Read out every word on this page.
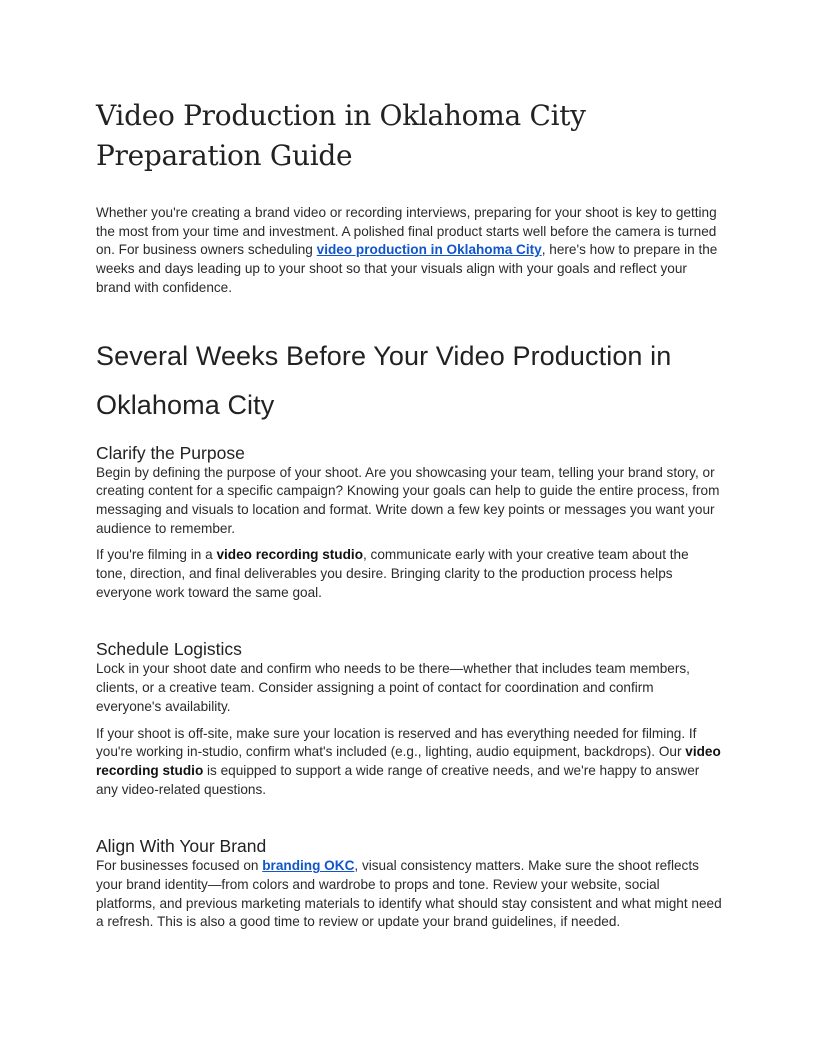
Video Production in Oklahoma City
Preparation Guide

Whether you're creating a brand video or recording interviews, preparing for your shoot is key to getting the most from your time and investment. A polished final product starts well before the camera is turned on. For business owners scheduling video production in Oklahoma City, here's how to prepare in the weeks and days leading up to your shoot so that your visuals align with your goals and reflect your brand with confidence.

Several Weeks Before Your Video Production in Oklahoma City
Clarify the Purpose

Begin by defining the purpose of your shoot. Are you showcasing your team, telling your brand story, or creating content for a specific campaign? Knowing your goals can help to guide the entire process, from messaging and visuals to location and format. Write down a few key points or messages you want your audience to remember.

If you're filming in a video recording studio, communicate early with your creative team about the tone, direction, and final deliverables you desire. Bringing clarity to the production process helps everyone work toward the same goal.

Schedule Logistics

Lock in your shoot date and confirm who needs to be there—whether that includes team members, clients, or a creative team. Consider assigning a point of contact for coordination and confirm everyone's availability.

If your shoot is off-site, make sure your location is reserved and has everything needed for filming. If you're working in-studio, confirm what's included (e.g., lighting, audio equipment, backdrops). Our video recording studio is equipped to support a wide range of creative needs, and we're happy to answer any video-related questions.

Align With Your Brand

For businesses focused on branding OKC, visual consistency matters. Make sure the shoot reflects your brand identity—from colors and wardrobe to props and tone. Review your website, social platforms, and previous marketing materials to identify what should stay consistent and what might need a refresh. This is also a good time to review or update your brand guidelines, if needed.
